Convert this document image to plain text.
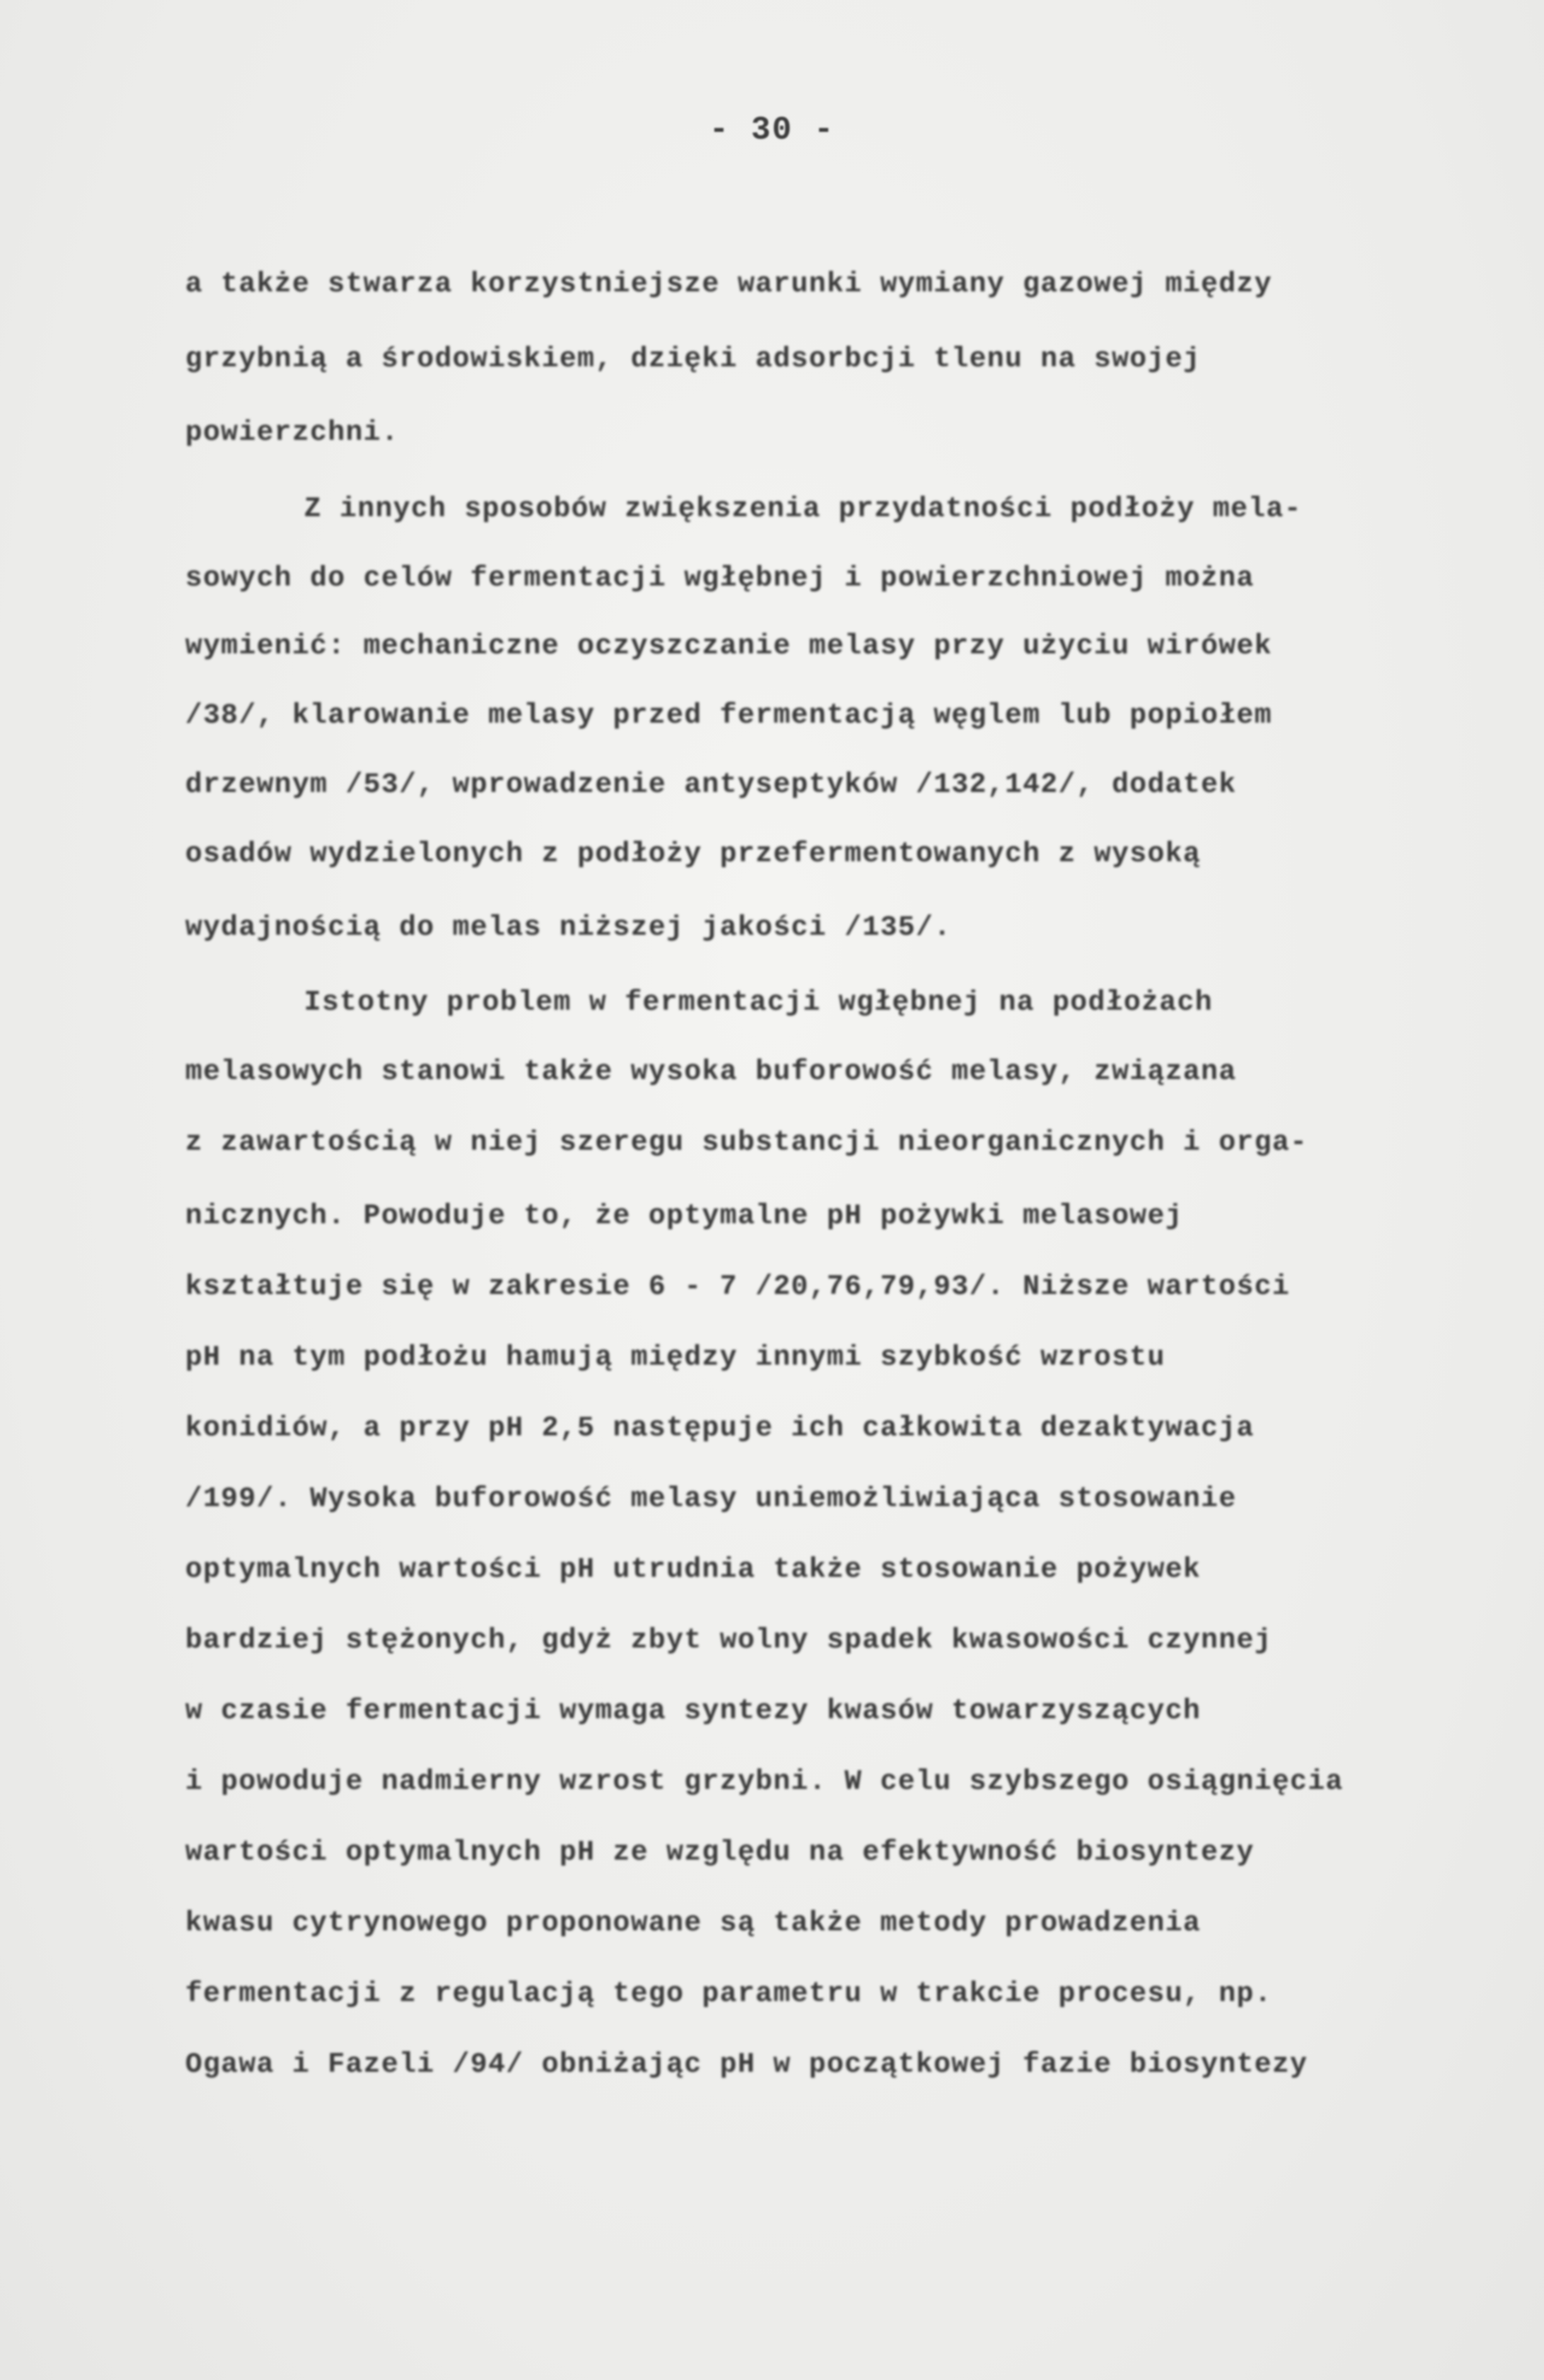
- 30 -
a także stwarza korzystniejsze warunki wymiany gazowej między
grzybnią a środowiskiem, dzięki adsorbcji tlenu na swojej
powierzchni.
Z innych sposobów zwiększenia przydatności podłoży mela-
sowych do celów fermentacji wgłębnej i powierzchniowej można
wymienić: mechaniczne oczyszczanie melasy przy użyciu wirówek
/38/, klarowanie melasy przed fermentacją węglem lub popiołem
drzewnym /53/, wprowadzenie antyseptyków /132,142/, dodatek
osadów wydzielonych z podłoży przefermentowanych z wysoką
wydajnością do melas niższej jakości /135/.
Istotny problem w fermentacji wgłębnej na podłożach
melasowych stanowi także wysoka buforowość melasy, związana
z zawartością w niej szeregu substancji nieorganicznych i orga-
nicznych. Powoduje to, że optymalne pH pożywki melasowej
kształtuje się w zakresie 6 - 7 /20,76,79,93/. Niższe wartości
pH na tym podłożu hamują między innymi szybkość wzrostu
konidiów, a przy pH 2,5 następuje ich całkowita dezaktywacja
/199/. Wysoka buforowość melasy uniemożliwiająca stosowanie
optymalnych wartości pH utrudnia także stosowanie pożywek
bardziej stężonych, gdyż zbyt wolny spadek kwasowości czynnej
w czasie fermentacji wymaga syntezy kwasów towarzyszących
i powoduje nadmierny wzrost grzybni. W celu szybszego osiągnięcia
wartości optymalnych pH ze względu na efektywność biosyntezy
kwasu cytrynowego proponowane są także metody prowadzenia
fermentacji z regulacją tego parametru w trakcie procesu, np.
Ogawa i Fazeli /94/ obniżając pH w początkowej fazie biosyntezy
